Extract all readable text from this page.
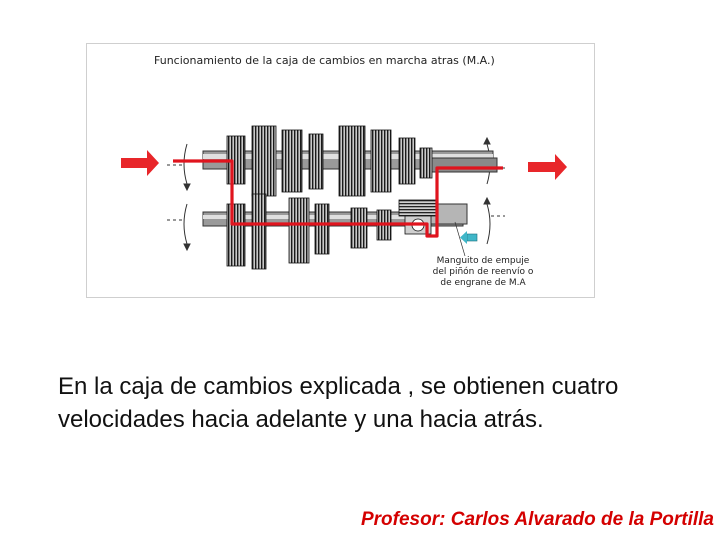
Funcionamiento de la caja de cambios en marcha atras (M.A.)
Manguito de empuje
del piñón de reenvío o
de engrane de M.A

En la caja de cambios explicada , se obtienen cuatro velocidades hacia adelante y una hacia atrás.

Profesor: Carlos Alvarado de la Portilla
